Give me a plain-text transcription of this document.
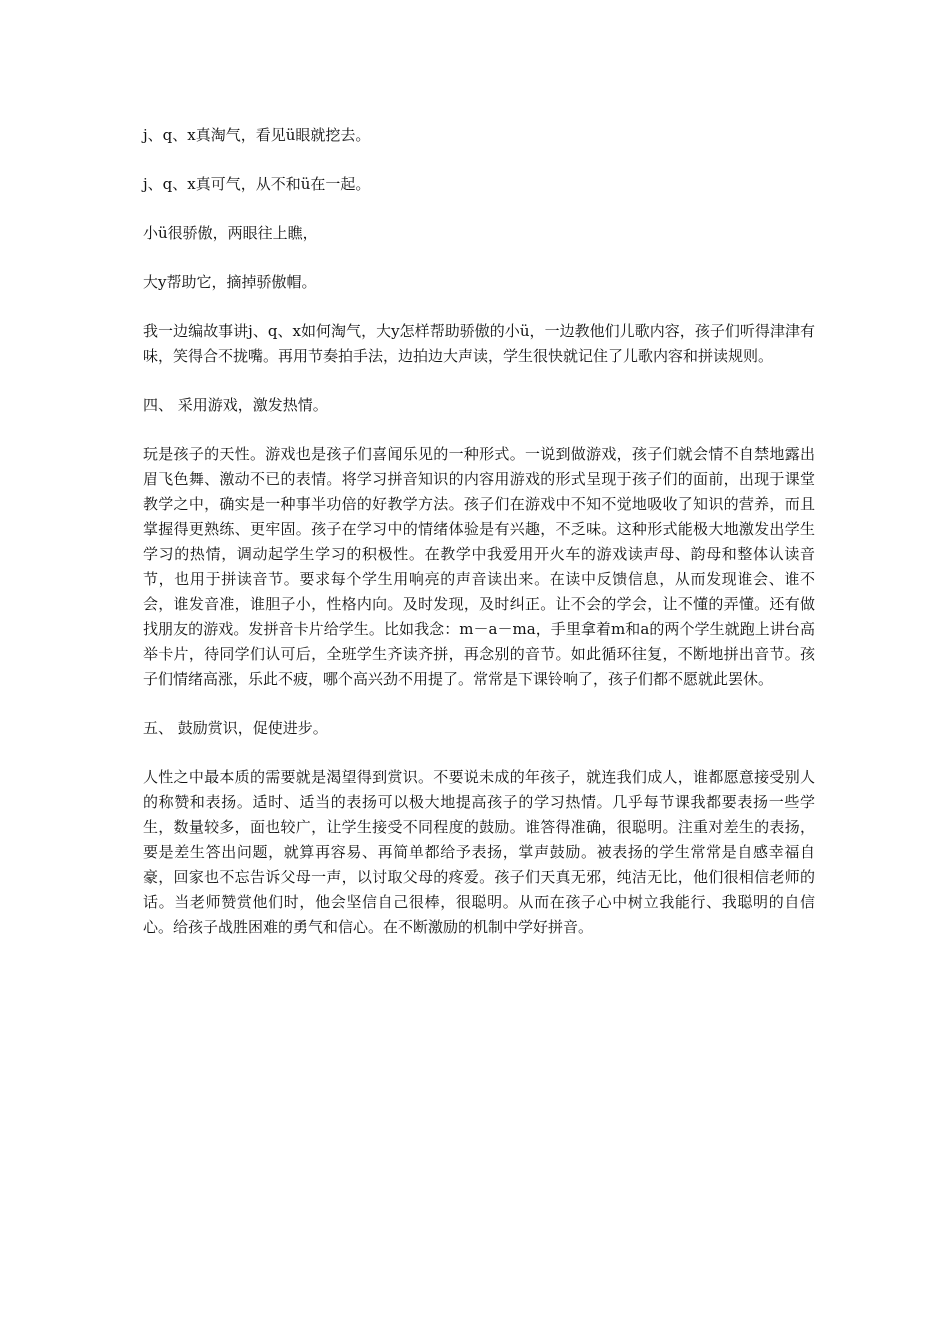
j、q、x真淘气，看见ü眼就挖去。

j、q、x真可气，从不和ü在一起。

小ü很骄傲，两眼往上瞧，

大y帮助它，摘掉骄傲帽。

我一边编故事讲j、q、x如何淘气，大y怎样帮助骄傲的小ü，一边教他们儿歌内容，孩子们听得津津有味，笑得合不拢嘴。再用节奏拍手法，边拍边大声读，学生很快就记住了儿歌内容和拼读规则。

四、 采用游戏，激发热情。

玩是孩子的天性。游戏也是孩子们喜闻乐见的一种形式。一说到做游戏，孩子们就会情不自禁地露出眉飞色舞、激动不已的表情。将学习拼音知识的内容用游戏的形式呈现于孩子们的面前，出现于课堂教学之中，确实是一种事半功倍的好教学方法。孩子们在游戏中不知不觉地吸收了知识的营养，而且掌握得更熟练、更牢固。孩子在学习中的情绪体验是有兴趣，不乏味。这种形式能极大地激发出学生学习的热情，调动起学生学习的积极性。在教学中我爱用开火车的游戏读声母、韵母和整体认读音节，也用于拼读音节。要求每个学生用响亮的声音读出来。在读中反馈信息，从而发现谁会、谁不会，谁发音准，谁胆子小，性格内向。及时发现，及时纠正。让不会的学会，让不懂的弄懂。还有做找朋友的游戏。发拼音卡片给学生。比如我念：m－a－ma，手里拿着m和a的两个学生就跑上讲台高举卡片，待同学们认可后，全班学生齐读齐拼，再念别的音节。如此循环往复，不断地拼出音节。孩子们情绪高涨，乐此不疲，哪个高兴劲不用提了。常常是下课铃响了，孩子们都不愿就此罢休。

五、 鼓励赏识，促使进步。

人性之中最本质的需要就是渴望得到赏识。不要说未成的年孩子，就连我们成人，谁都愿意接受别人的称赞和表扬。适时、适当的表扬可以极大地提高孩子的学习热情。几乎每节课我都要表扬一些学生，数量较多，面也较广，让学生接受不同程度的鼓励。谁答得准确，很聪明。注重对差生的表扬，要是差生答出问题，就算再容易、再简单都给予表扬，掌声鼓励。被表扬的学生常常是自感幸福自豪，回家也不忘告诉父母一声，以讨取父母的疼爱。孩子们天真无邪，纯洁无比，他们很相信老师的话。当老师赞赏他们时，他会坚信自己很棒，很聪明。从而在孩子心中树立我能行、我聪明的自信心。给孩子战胜困难的勇气和信心。在不断激励的机制中学好拼音。
